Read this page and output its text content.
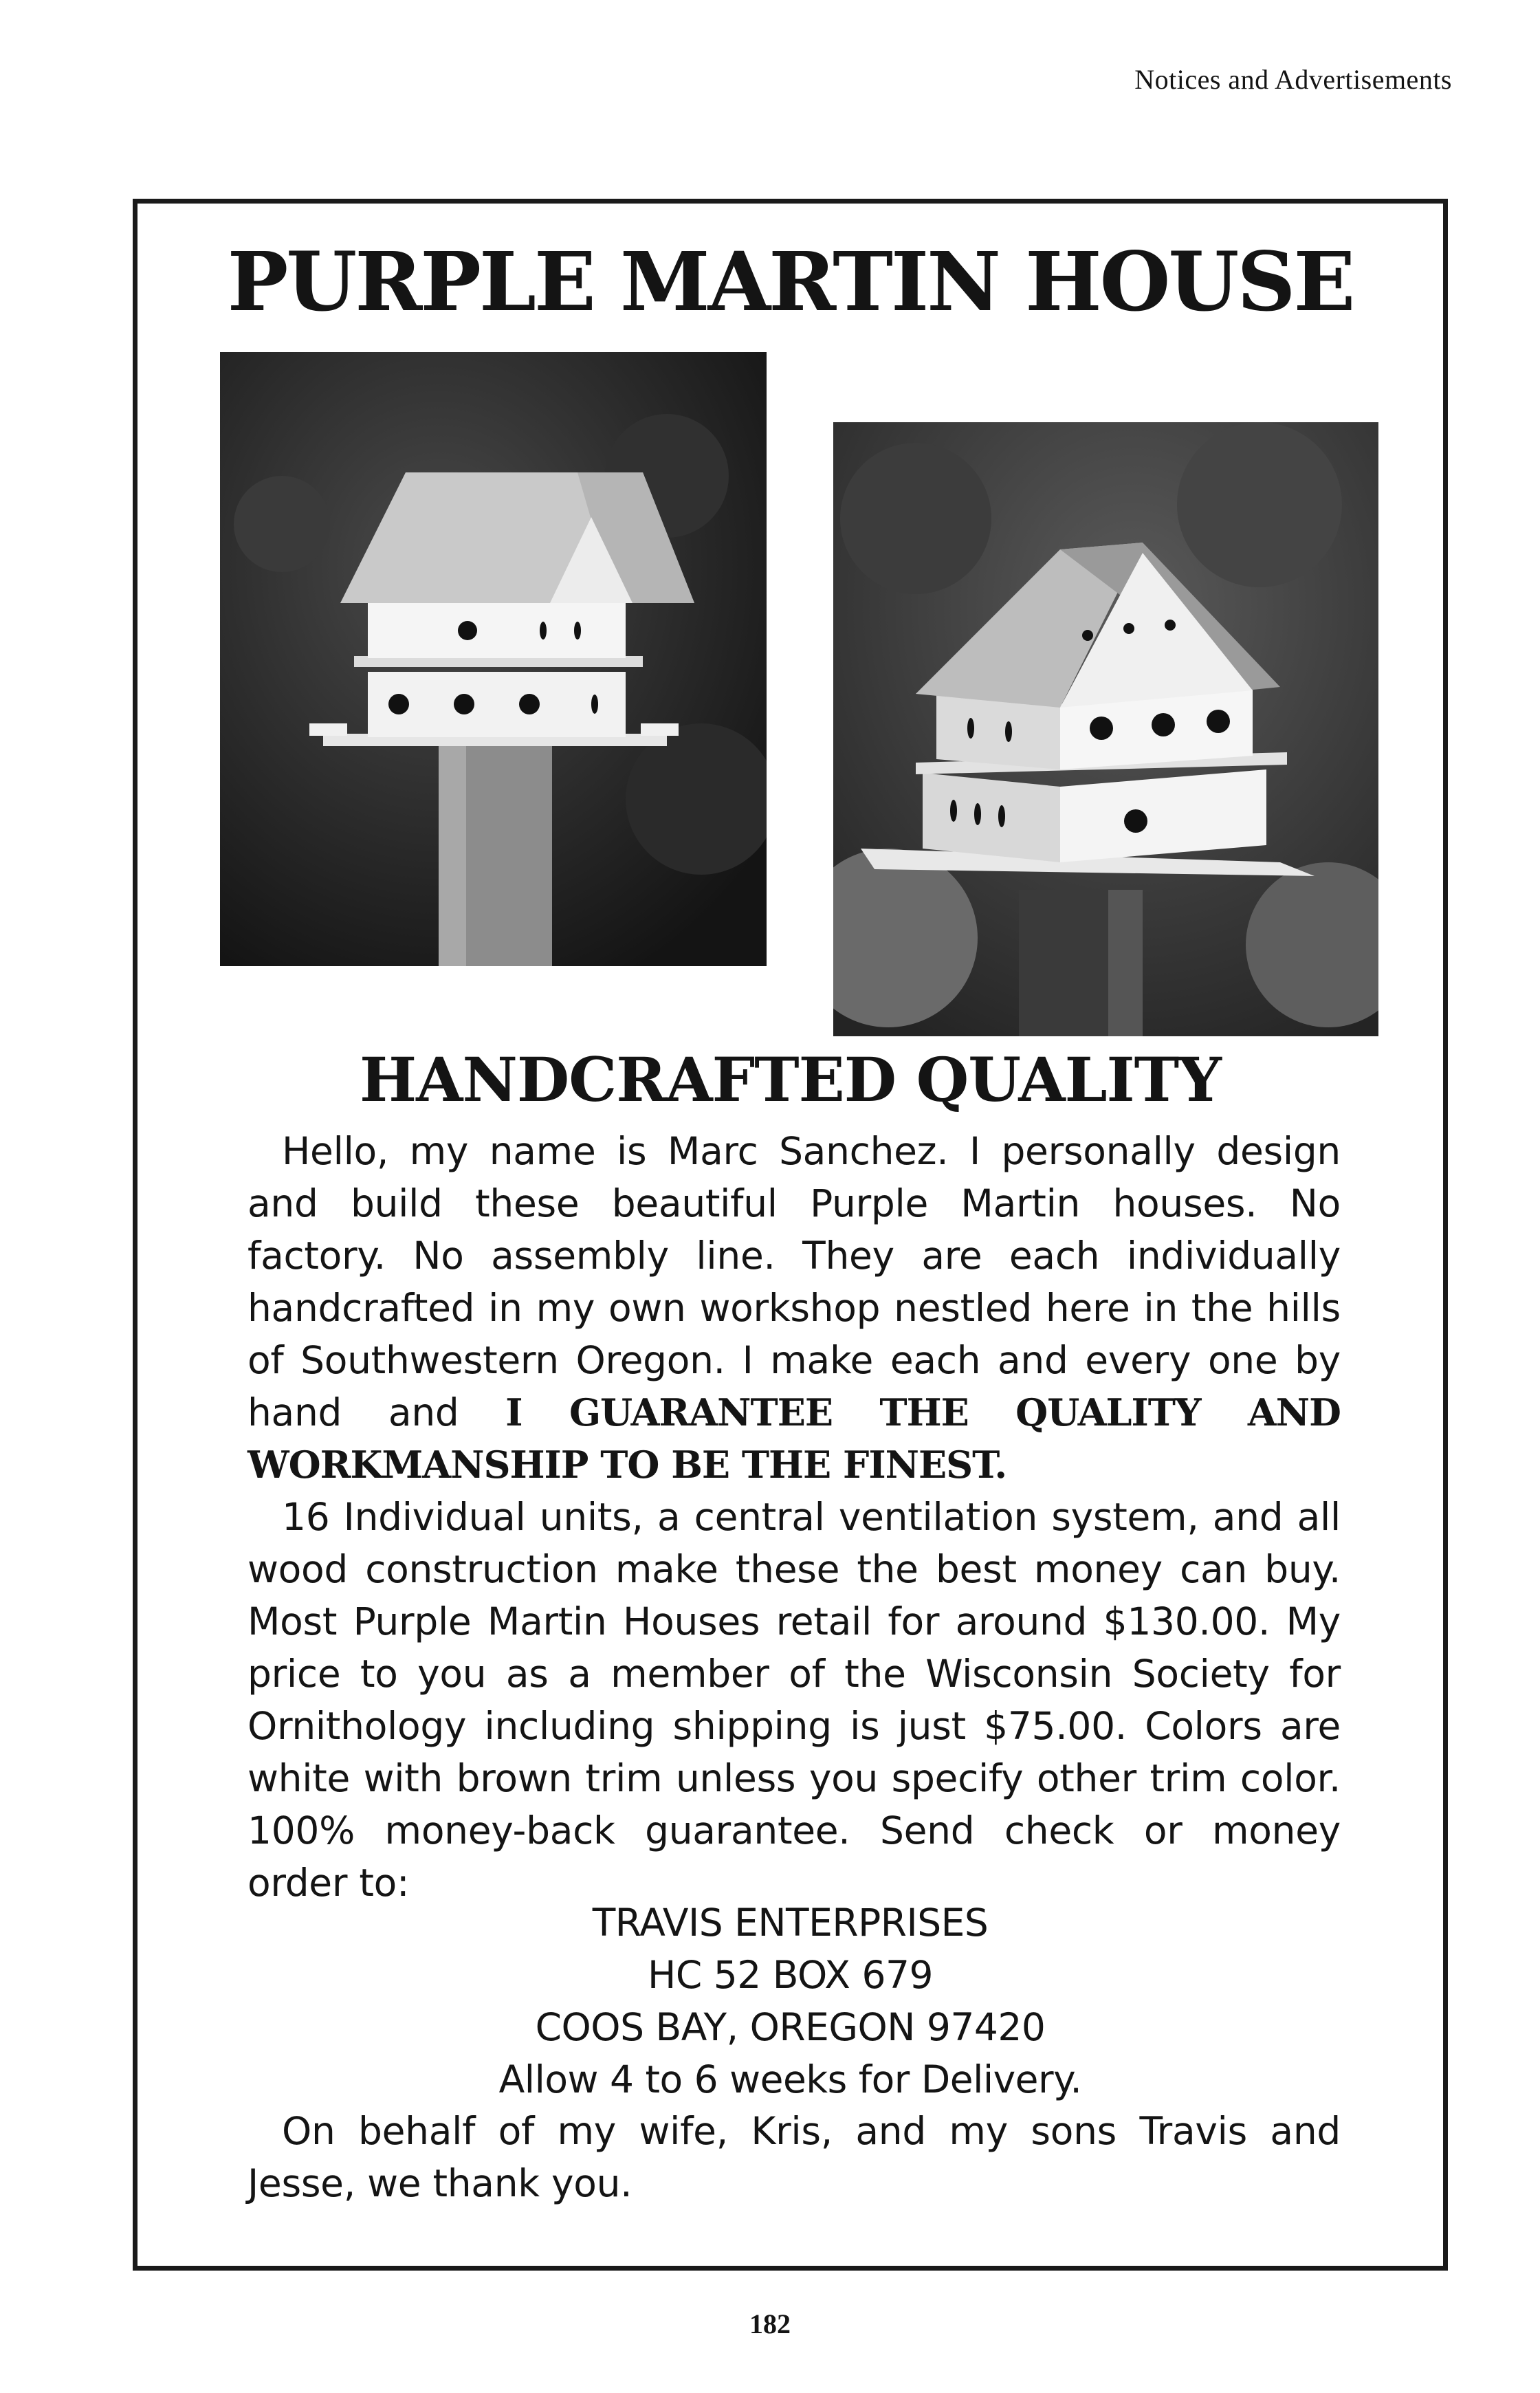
Notices and Advertisements
PURPLE MARTIN HOUSE
HANDCRAFTED QUALITY

Hello, my name is Marc Sanchez. I personally design and build these beautiful Purple Martin houses. No factory. No assembly line. They are each individually handcrafted in my own workshop nestled here in the hills of Southwestern Oregon. I make each and every one by hand and I GUARANTEE THE QUALITY AND WORKMANSHIP TO BE THE FINEST.

16 Individual units, a central ventilation system, and all wood construction make these the best money can buy. Most Purple Martin Houses retail for around $130.00. My price to you as a member of the Wisconsin Society for Ornithology including shipping is just $75.00. Colors are white with brown trim unless you specify other trim color. 100% money-back guarantee. Send check or money order to:

TRAVIS ENTERPRISES
HC 52 BOX 679
COOS BAY, OREGON 97420
Allow 4 to 6 weeks for Delivery.

On behalf of my wife, Kris, and my sons Travis and Jesse, we thank you.

182
